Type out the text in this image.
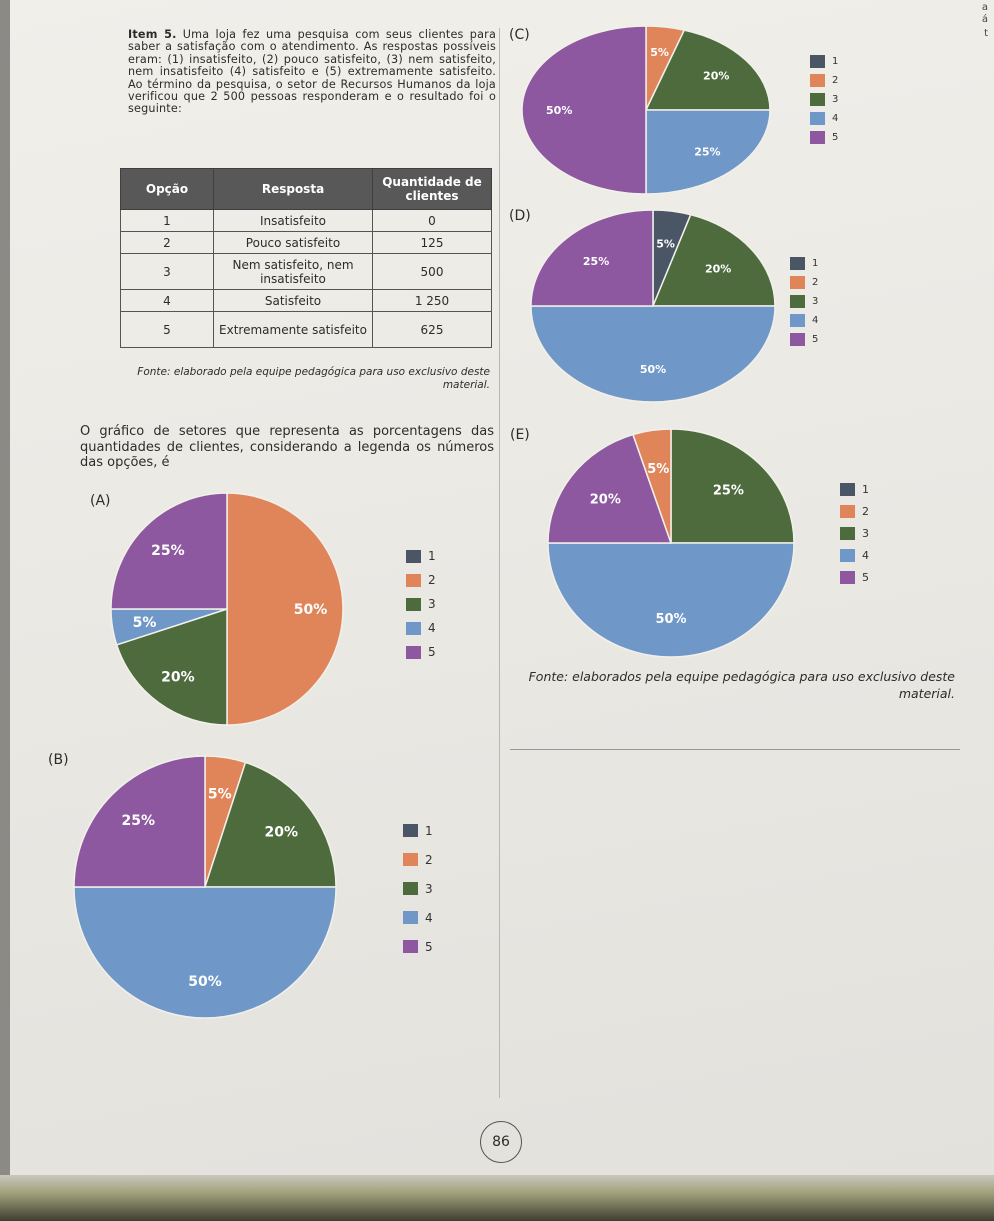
a
á
t
Item 5. Uma loja fez uma pesquisa com seus clientes para saber a satisfação com o atendimento. As respostas possíveis eram: (1) insatisfeito, (2) pouco satisfeito, (3) nem satisfeito, nem insatisfeito (4) satisfeito e (5) extremamente satisfeito. Ao término da pesquisa, o setor de Recursos Humanos da loja verificou que 2 500 pessoas responderam e o resultado foi o seguinte:
Opção	Resposta	Quantidade de clientes
1	Insatisfeito	0
2	Pouco satisfeito	125
3	Nem satisfeito, nem insatisfeito	500
4	Satisfeito	1 250
5	Extremamente satisfeito	625
Fonte: elaborado pela equipe pedagógica para uso exclusivo deste material.
O gráfico de setores que representa as porcentagens das quantidades de clientes, considerando a legenda os números das opções, é
(A)
(B)
(C)
(D)
(E)
50%
20%
5%
25%
5%
20%
50%
25%
5%
20%
25%
50%
5%
20%
50%
25%
25%
50%
20%
5%
1
2
3
4
5
1
2
3
4
5
1
2
3
4
5
1
2
3
4
5
1
2
3
4
5
Fonte: elaborados pela equipe pedagógica para uso exclusivo deste material.
86
